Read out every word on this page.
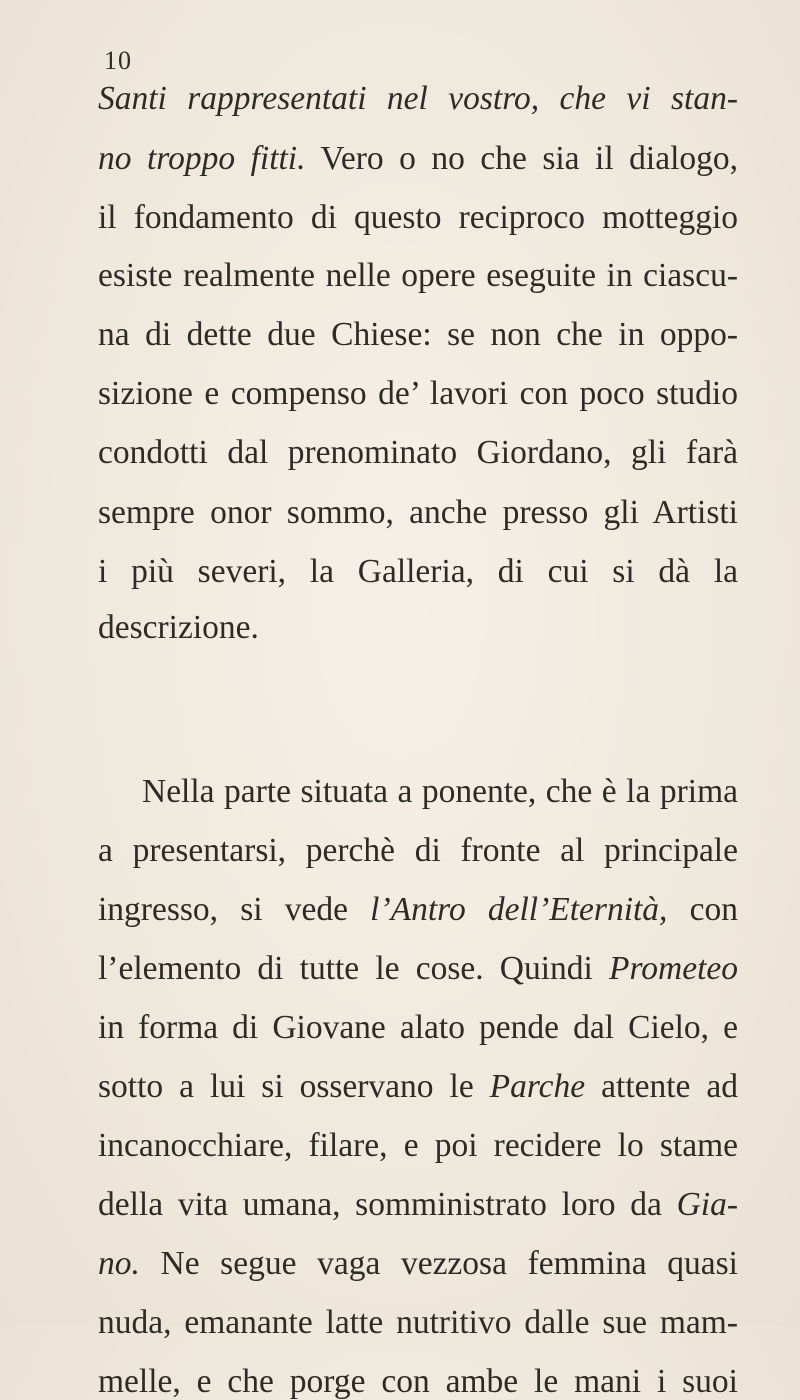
10
Santi rappresentati nel vostro, che vi stan-
no troppo fitti. Vero o no che sia il dialogo,
il fondamento di questo reciproco motteggio
esiste realmente nelle opere eseguite in ciascu-
na di dette due Chiese: se non che in oppo-
sizione e compenso de’ lavori con poco studio
condotti dal prenominato Giordano, gli farà
sempre onor sommo, anche presso gli Artisti
i più severi, la Galleria, di cui si dà la
descrizione.
Nella parte situata a ponente, che è la prima
a presentarsi, perchè di fronte al principale
ingresso, si vede l’Antro dell’Eternità, con
l’elemento di tutte le cose. Quindi Prometeo
in forma di Giovane alato pende dal Cielo, e
sotto a lui si osservano le Parche attente ad
incanocchiare, filare, e poi recidere lo stame
della vita umana, somministrato loro da Gia-
no. Ne segue vaga vezzosa femmina quasi
nuda, emanante latte nutritivo dalle sue mam-
melle, e che porge con ambe le mani i suoi
